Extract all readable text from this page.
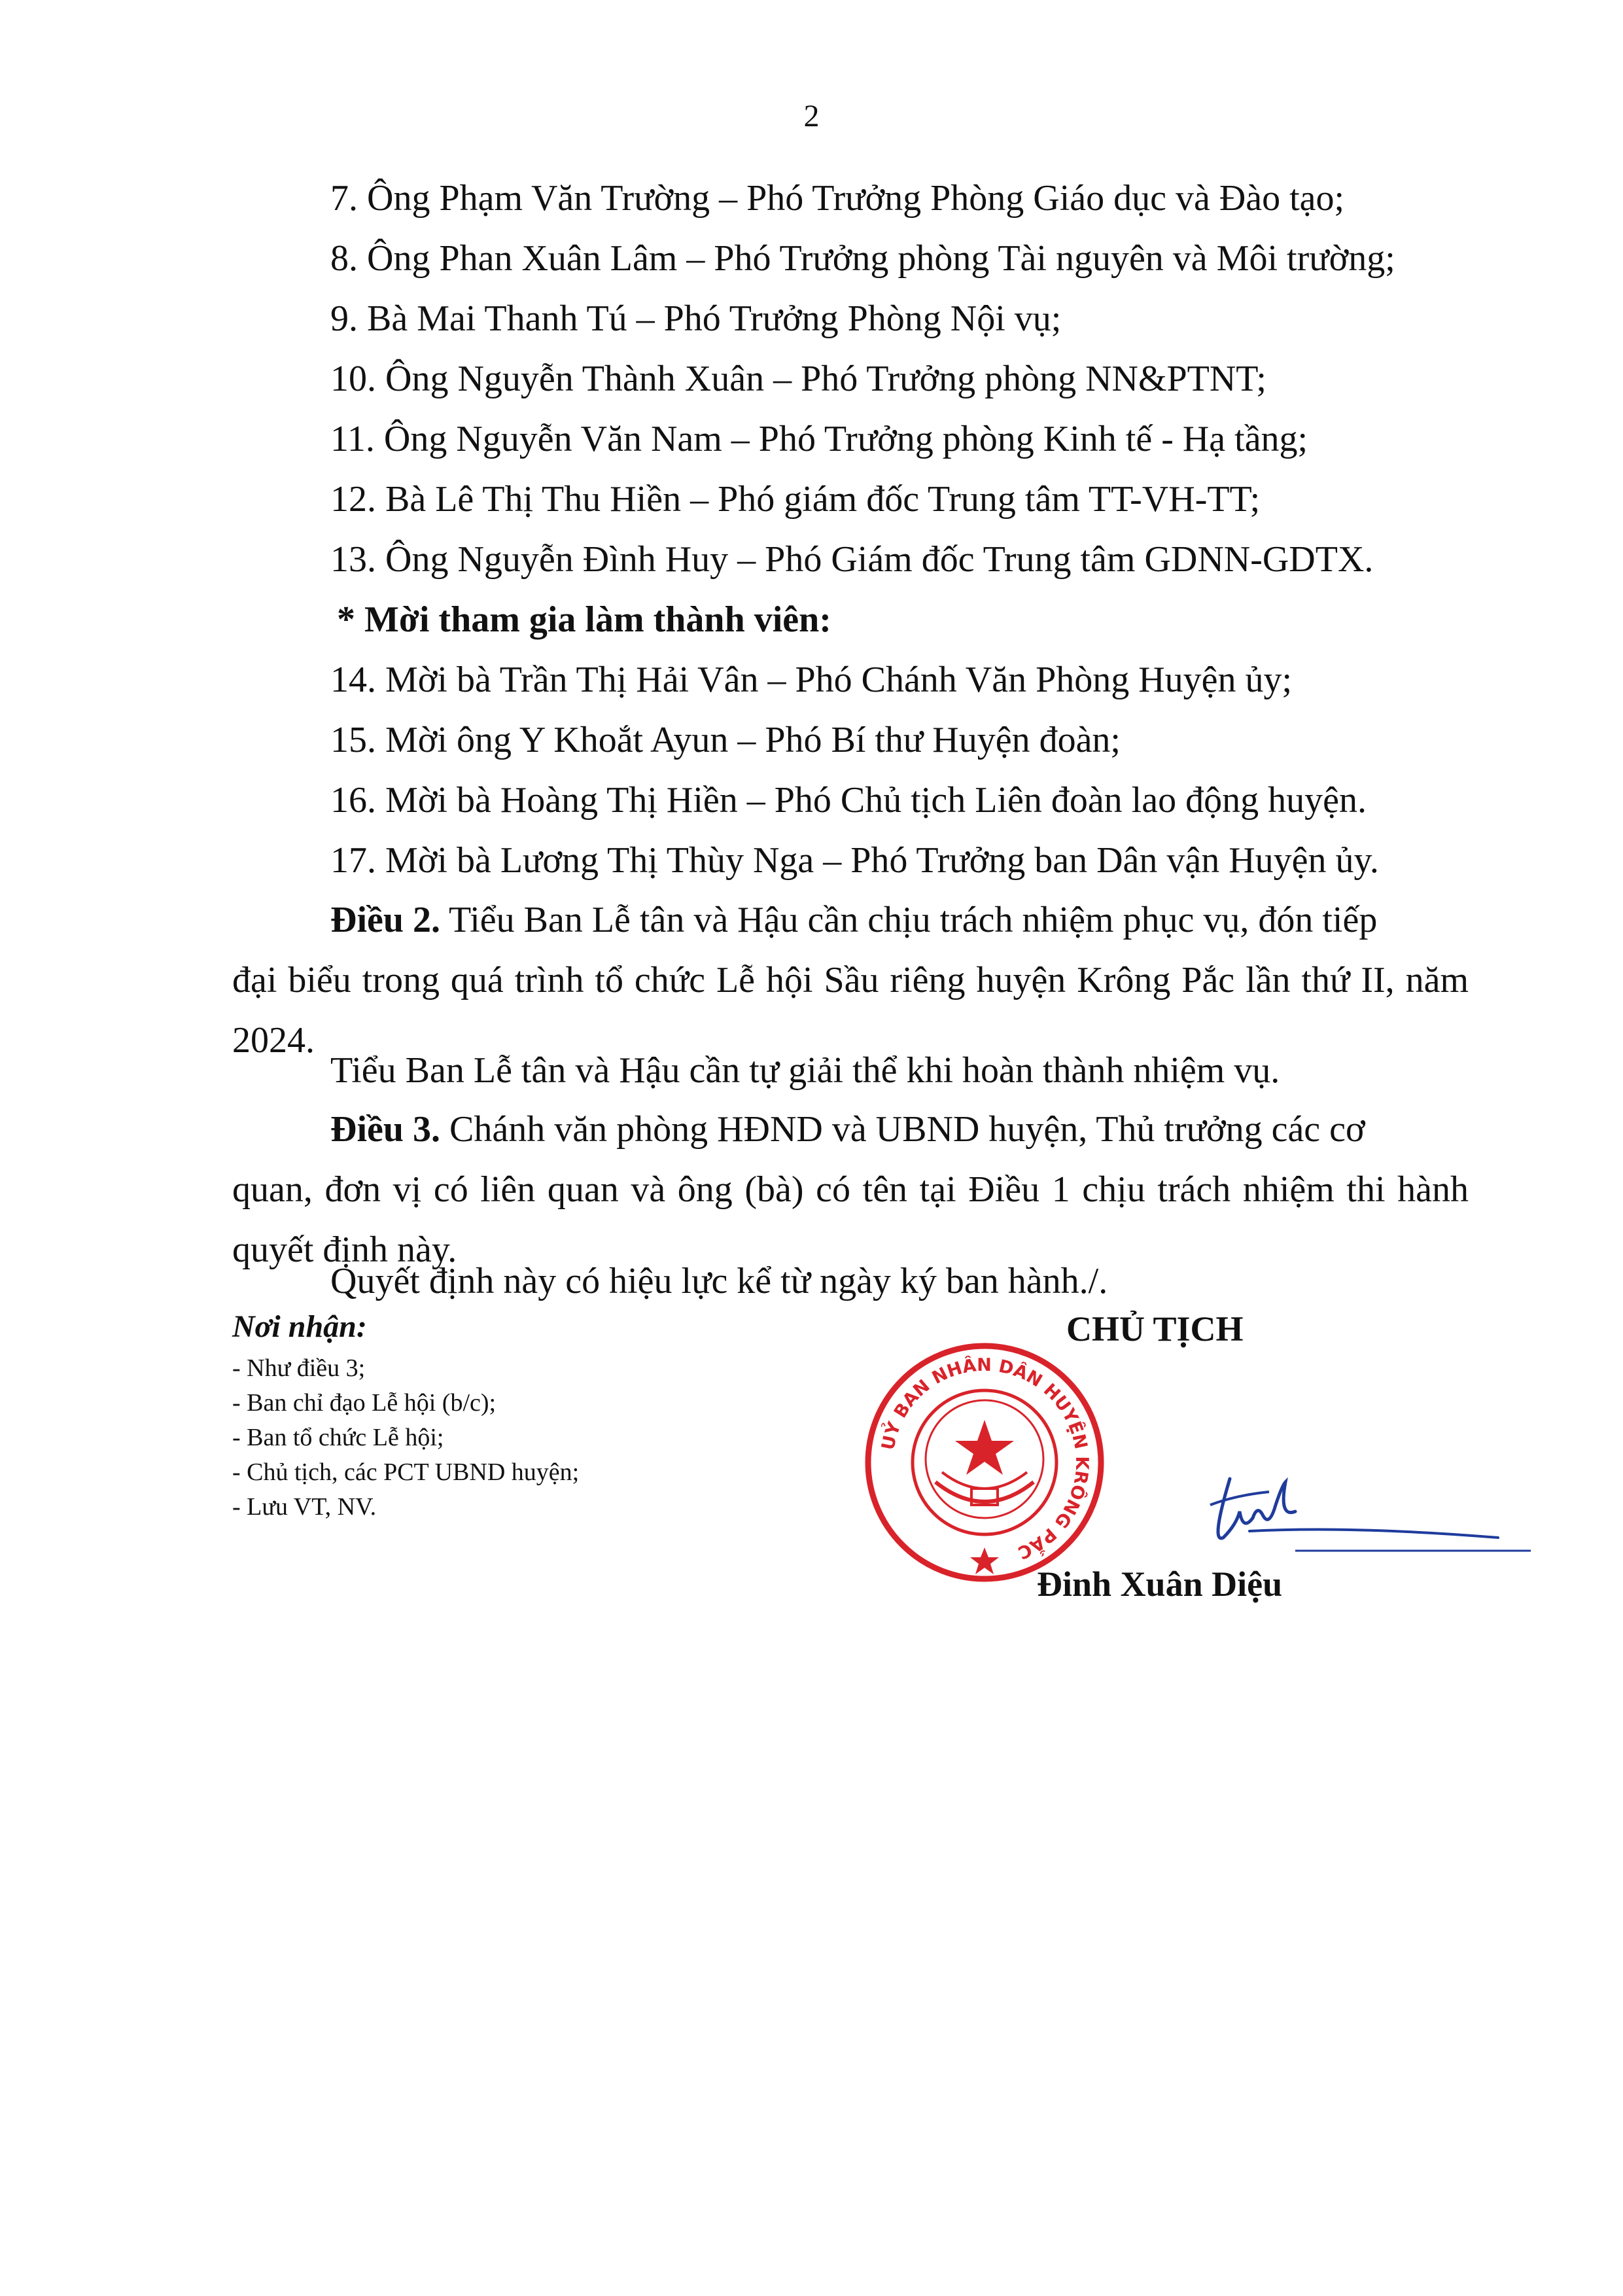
2
7. Ông Phạm Văn Trường – Phó Trưởng Phòng Giáo dục và Đào tạo;
8. Ông Phan Xuân Lâm – Phó Trưởng phòng Tài nguyên và Môi trường;
9. Bà Mai Thanh Tú – Phó Trưởng Phòng Nội vụ;
10. Ông Nguyễn Thành Xuân – Phó Trưởng phòng NN&PTNT;
11. Ông Nguyễn Văn Nam – Phó Trưởng phòng Kinh tế - Hạ tầng;
12. Bà Lê Thị Thu Hiền – Phó giám đốc Trung tâm TT-VH-TT;
13. Ông Nguyễn Đình Huy – Phó Giám đốc Trung tâm GDNN-GDTX.
* Mời tham gia làm thành viên:
14. Mời bà Trần Thị Hải Vân – Phó Chánh Văn Phòng Huyện ủy;
15. Mời ông Y Khoắt Ayun – Phó Bí thư Huyện đoàn;
16. Mời bà Hoàng Thị Hiền – Phó Chủ tịch Liên đoàn lao động huyện.
17. Mời bà Lương Thị Thùy Nga – Phó Trưởng ban Dân vận Huyện ủy.
Điều 2. Tiểu Ban Lễ tân và Hậu cần chịu trách nhiệm phục vụ, đón tiếp
đại biểu trong quá trình tổ chức Lễ hội Sầu riêng huyện Krông Pắc lần thứ II, năm 2024.
Tiểu Ban Lễ tân và Hậu cần tự giải thể khi hoàn thành nhiệm vụ.
Điều 3. Chánh văn phòng HĐND và UBND huyện, Thủ trưởng các cơ
quan, đơn vị có liên quan và ông (bà) có tên tại Điều 1 chịu trách nhiệm thi hành quyết định này.
Quyết định này có hiệu lực kể từ ngày ký ban hành./.
Nơi nhận:
- Như điều 3;
- Ban chỉ đạo Lễ hội (b/c);
- Ban tổ chức Lễ hội;
- Chủ tịch, các PCT UBND huyện;
- Lưu VT, NV.
CHỦ TỊCH
UỶ BAN NHÂN DÂN HUYỆN KRÔNG PẮC
Đinh Xuân Diệu
